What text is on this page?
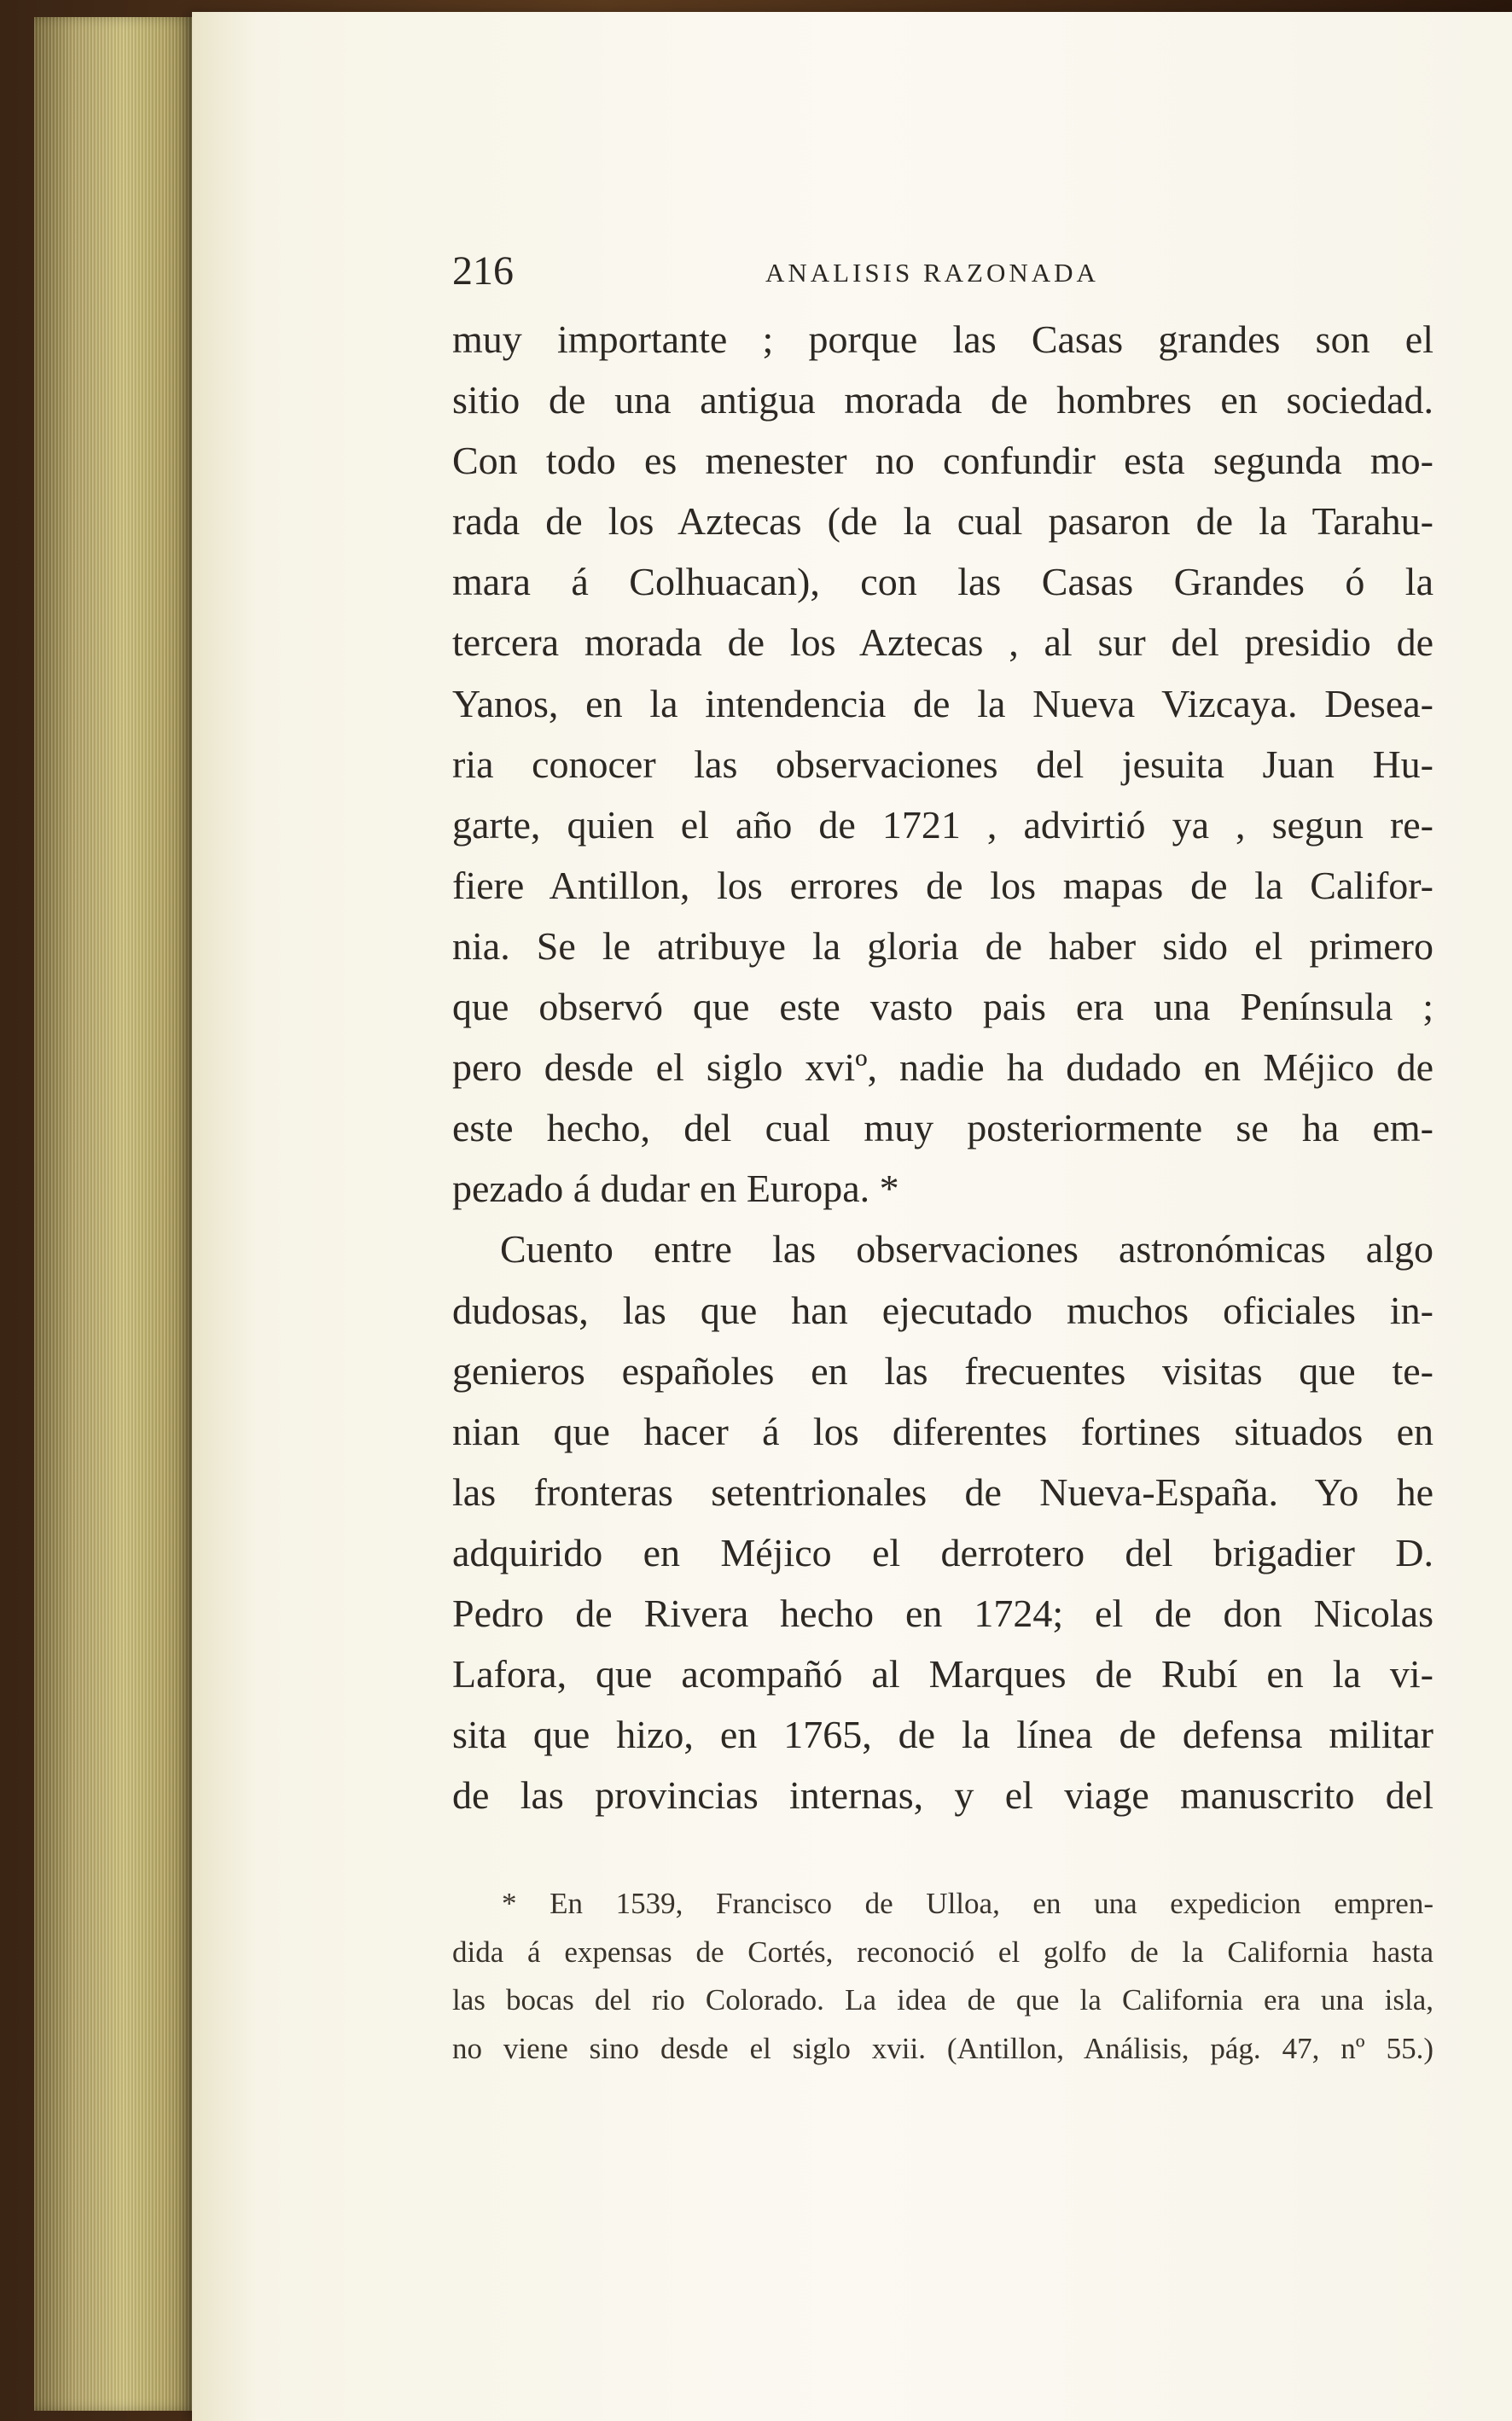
216	ANALISIS RAZONADA
muy importante ; porque las Casas grandes son el
sitio de una antigua morada de hombres en sociedad.
Con todo es menester no confundir esta segunda mo-
rada de los Aztecas (de la cual pasaron de la Tarahu-
mara á Colhuacan), con las Casas Grandes ó la
tercera morada de los Aztecas , al sur del presidio de
Yanos, en la intendencia de la Nueva Vizcaya. Desea-
ria conocer las observaciones del jesuita Juan Hu-
garte, quien el año de 1721 , advirtió ya , segun re-
fiere Antillon, los errores de los mapas de la Califor-
nia. Se le atribuye la gloria de haber sido el primero
que observó que este vasto pais era una Península ;
pero desde el siglo xviº, nadie ha dudado en Méjico de
este hecho, del cual muy posteriormente se ha em-
pezado á dudar en Europa. *
Cuento entre las observaciones astronómicas algo
dudosas, las que han ejecutado muchos oficiales in-
genieros españoles en las frecuentes visitas que te-
nian que hacer á los diferentes fortines situados en
las fronteras setentrionales de Nueva-España. Yo he
adquirido en Méjico el derrotero del brigadier D.
Pedro de Rivera hecho en 1724; el de don Nicolas
Lafora, que acompañó al Marques de Rubí en la vi-
sita que hizo, en 1765, de la línea de defensa militar
de las provincias internas, y el viage manuscrito del
* En 1539, Francisco de Ulloa, en una expedicion empren-
dida á expensas de Cortés, reconoció el golfo de la California hasta
las bocas del rio Colorado. La idea de que la California era una isla,
no viene sino desde el siglo xvii. (Antillon, Análisis, pág. 47, nº 55.)
